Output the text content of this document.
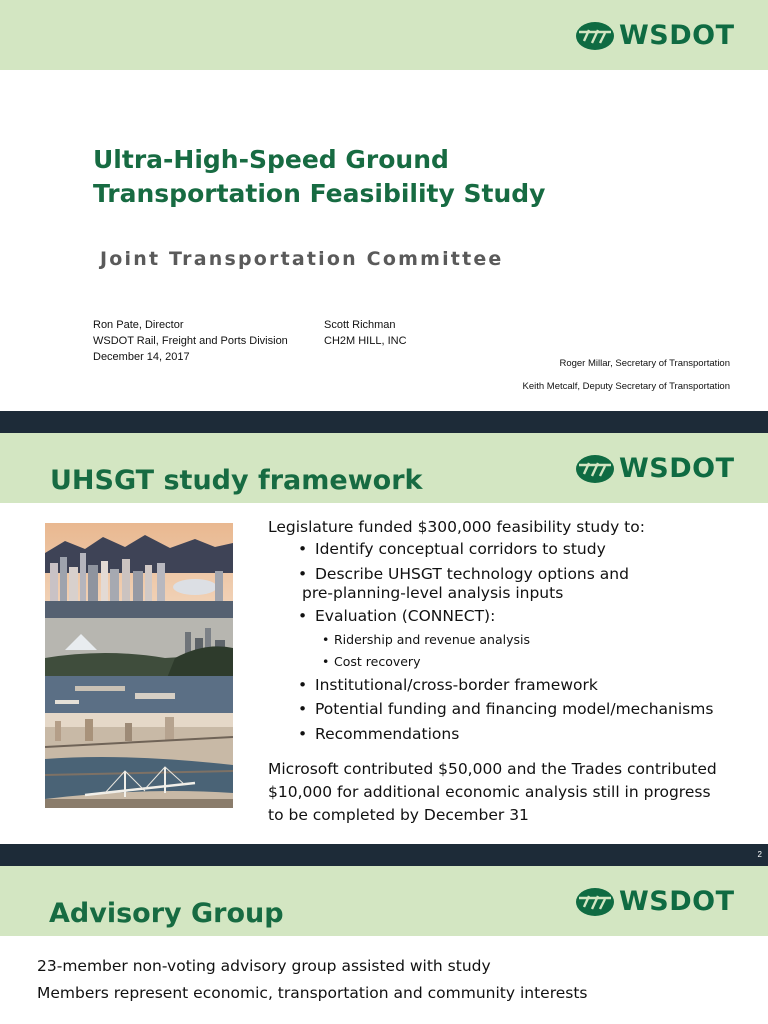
WSDOT
Ultra-High-Speed Ground
Transportation Feasibility Study
Joint Transportation Committee
Ron Pate, Director
WSDOT Rail, Freight and Ports Division
December 14, 2017
Scott Richman
CH2M HILL, INC
Roger Millar, Secretary of Transportation
Keith Metcalf, Deputy Secretary of Transportation
UHSGT study framework	WSDOT
Legislature funded $300,000 feasibility study to:
• Identify conceptual corridors to study
• Describe UHSGT technology options and
pre-planning-level analysis inputs
• Evaluation (CONNECT):
• Ridership and revenue analysis
• Cost recovery
• Institutional/cross-border framework
• Potential funding and financing model/mechanisms
• Recommendations
Microsoft contributed $50,000 and the Trades contributed
$10,000 for additional economic analysis still in progress
to be completed by December 31
2
Advisory Group	WSDOT
23-member non-voting advisory group assisted with study
Members represent economic, transportation and community interests
